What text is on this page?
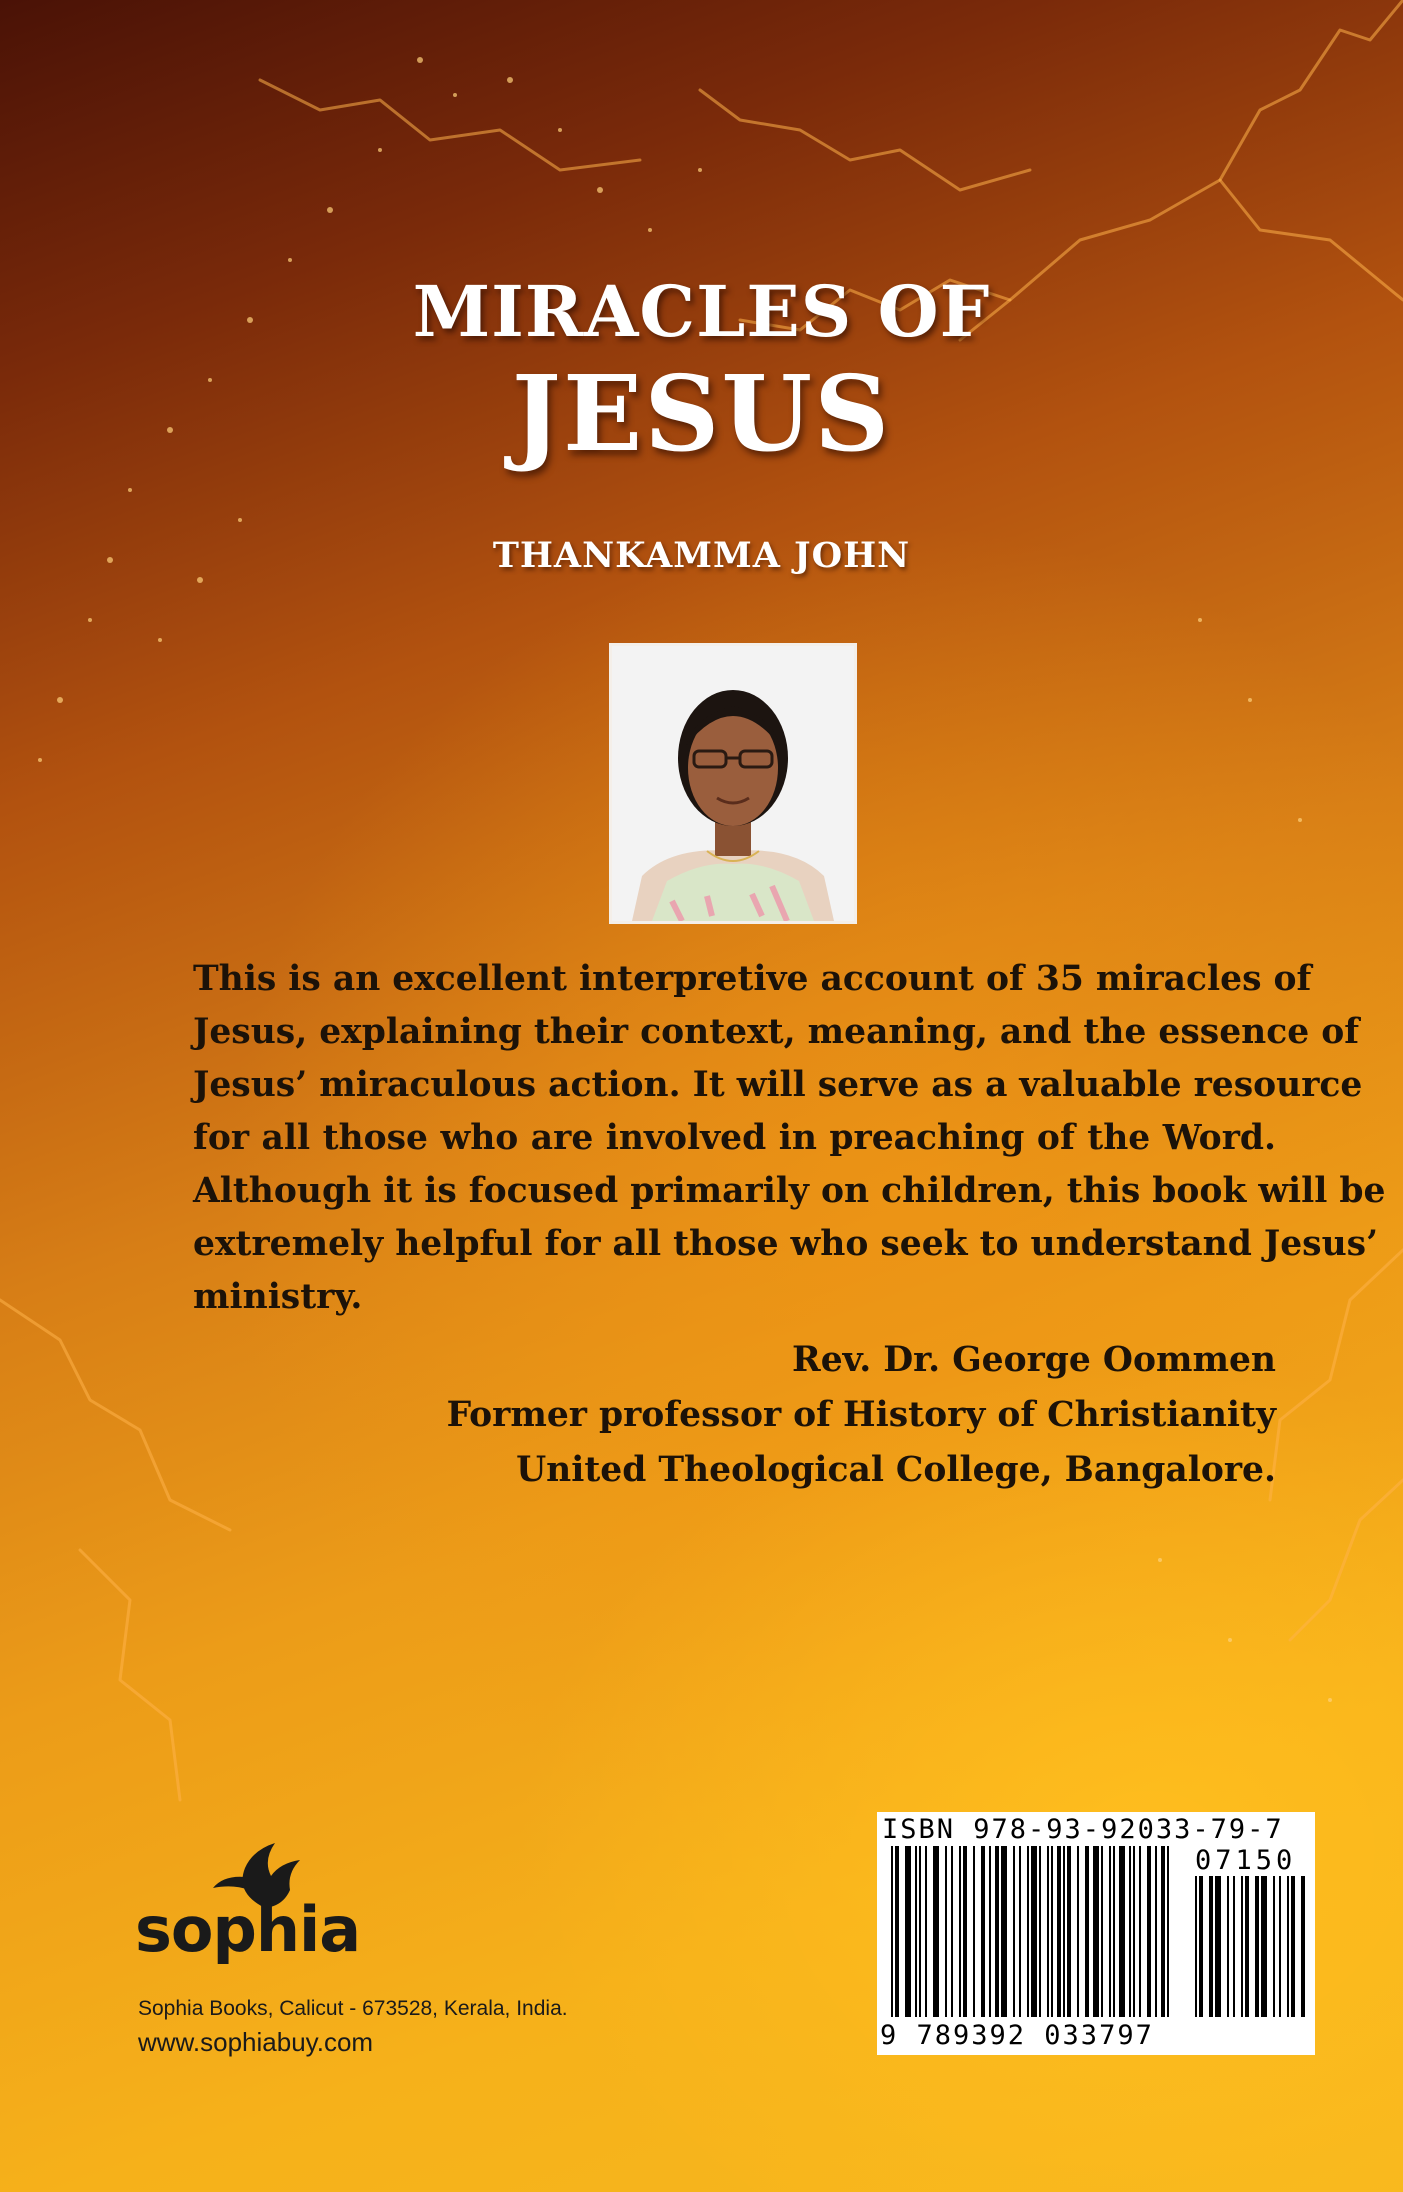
MIRACLES OF
JESUS
THANKAMMA JOHN
This is an excellent interpretive account of 35 miracles of
Jesus, explaining their context, meaning, and the essence of
Jesus’ miraculous action. It will serve as a valuable resource
for all those who are involved in preaching of the Word.
Although it is focused primarily on children, this book will be
extremely helpful for all those who seek to understand Jesus’
ministry.
Rev. Dr. George Oommen
Former professor of History of Christianity
United Theological College, Bangalore.
sophia
Sophia Books, Calicut - 673528, Kerala, India.
www.sophiabuy.com
ISBN 978-93-92033-79-7
07150
9 789392 033797
